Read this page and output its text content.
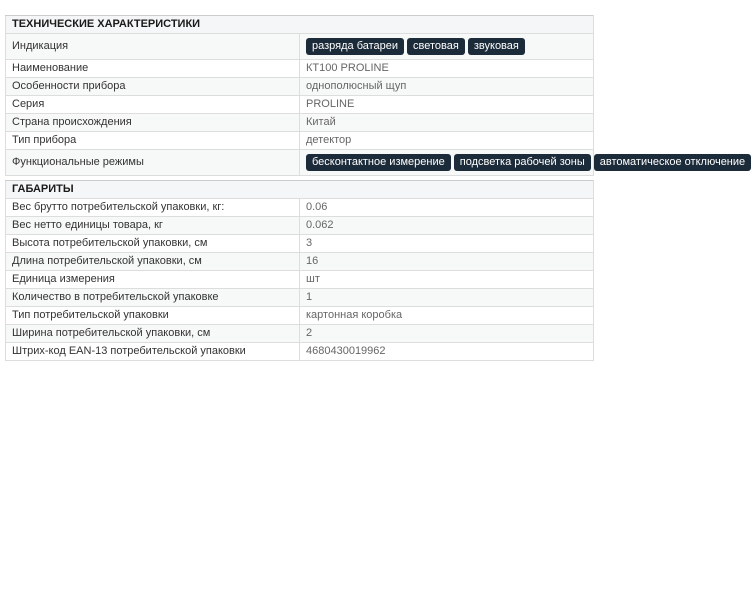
ТЕХНИЧЕСКИЕ ХАРАКТЕРИСТИКИ	
Индикация	разряда батареи световая звуковая
Наименование	КТ100 PROLINE
Особенности прибора	однополюсный щуп
Серия	PROLINE
Страна происхождения	Китай
Тип прибора	детектор
Функциональные режимы	бесконтактное измерение подсветка рабочей зоны автоматическое отключение
ГАБАРИТЫ	
Вес брутто потребительской упаковки, кг:	0.06
Вес нетто единицы товара, кг	0.062
Высота потребительской упаковки, см	3
Длина потребительской упаковки, см	16
Единица измерения	шт
Количество в потребительской упаковке	1
Тип потребительской упаковки	картонная коробка
Ширина потребительской упаковки, см	2
Штрих-код EAN-13 потребительской упаковки	4680430019962
